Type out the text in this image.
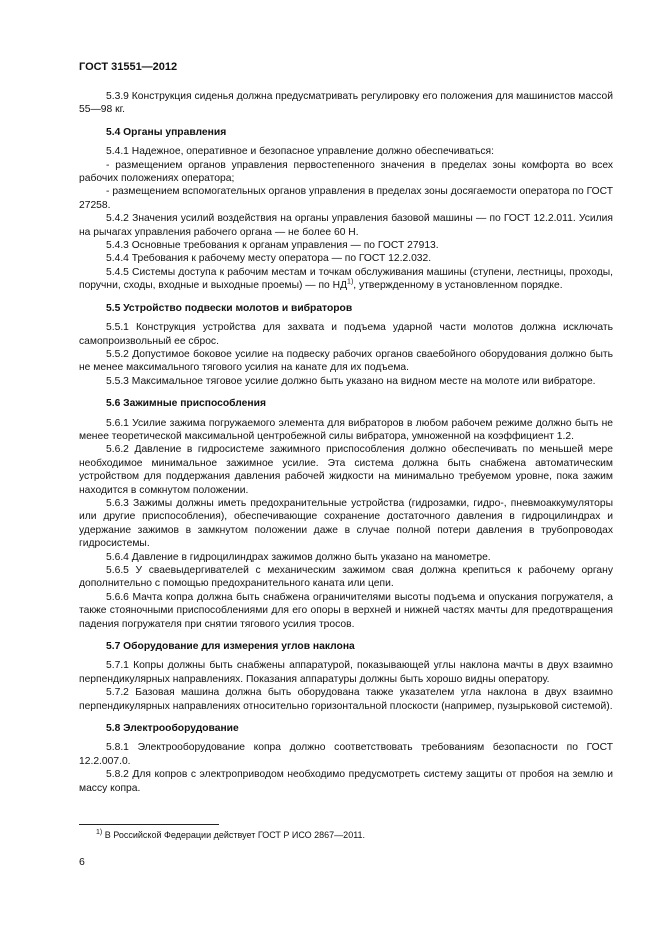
ГОСТ 31551—2012

5.3.9 Конструкция сиденья должна предусматривать регулировку его положения для машинистов массой 55—98 кг.

5.4 Органы управления

5.4.1 Надежное, оперативное и безопасное управление должно обеспечиваться:

- размещением органов управления первостепенного значения в пределах зоны комфорта во всех рабочих положениях оператора;

- размещением вспомогательных органов управления в пределах зоны досягаемости оператора по ГОСТ 27258.

5.4.2 Значения усилий воздействия на органы управления базовой машины — по ГОСТ 12.2.011. Усилия на рычагах управления рабочего органа — не более 60 Н.

5.4.3 Основные требования к органам управления — по ГОСТ 27913.

5.4.4 Требования к рабочему месту оператора — по ГОСТ 12.2.032.

5.4.5 Системы доступа к рабочим местам и точкам обслуживания машины (ступени, лестницы, проходы, поручни, сходы, входные и выходные проемы) — по НД$^{1)}$, утвержденному в установленном порядке.

5.5 Устройство подвески молотов и вибраторов

5.5.1 Конструкция устройства для захвата и подъема ударной части молотов должна исключать самопроизвольный ее сброс.

5.5.2 Допустимое боковое усилие на подвеску рабочих органов сваебойного оборудования должно быть не менее максимального тягового усилия на канате для их подъема.

5.5.3 Максимальное тяговое усилие должно быть указано на видном месте на молоте или вибраторе.

5.6 Зажимные приспособления

5.6.1 Усилие зажима погружаемого элемента для вибраторов в любом рабочем режиме должно быть не менее теоретической максимальной центробежной силы вибратора, умноженной на коэффициент 1.2.

5.6.2 Давление в гидросистеме зажимного приспособления должно обеспечивать по меньшей мере необходимое минимальное зажимное усилие. Эта система должна быть снабжена автоматическим устройством для поддержания давления рабочей жидкости на минимально требуемом уровне, пока зажим находится в сомкнутом положении.

5.6.3 Зажимы должны иметь предохранительные устройства (гидрозамки, гидро-, пневмоаккумуляторы или другие приспособления), обеспечивающие сохранение достаточного давления в гидроцилиндрах и удержание зажимов в замкнутом положении даже в случае полной потери давления в трубопроводах гидросистемы.

5.6.4 Давление в гидроцилиндрах зажимов должно быть указано на манометре.

5.6.5 У сваевыдергивателей с механическим зажимом свая должна крепиться к рабочему органу дополнительно с помощью предохранительного каната или цепи.

5.6.6 Мачта копра должна быть снабжена ограничителями высоты подъема и опускания погружателя, а также стояночными приспособлениями для его опоры в верхней и нижней частях мачты для предотвращения падения погружателя при снятии тягового усилия тросов.

5.7 Оборудование для измерения углов наклона

5.7.1 Копры должны быть снабжены аппаратурой, показывающей углы наклона мачты в двух взаимно перпендикулярных направлениях. Показания аппаратуры должны быть хорошо видны оператору.

5.7.2 Базовая машина должна быть оборудована также указателем угла наклона в двух взаимно перпендикулярных направлениях относительно горизонтальной плоскости (например, пузырьковой системой).

5.8 Электрооборудование

5.8.1 Электрооборудование копра должно соответствовать требованиям безопасности по ГОСТ 12.2.007.0.

5.8.2 Для копров с электроприводом необходимо предусмотреть систему защиты от пробоя на землю и массу копра.

$^{1)}$ В Российской Федерации действует ГОСТ Р ИСО 2867—2011.
6
